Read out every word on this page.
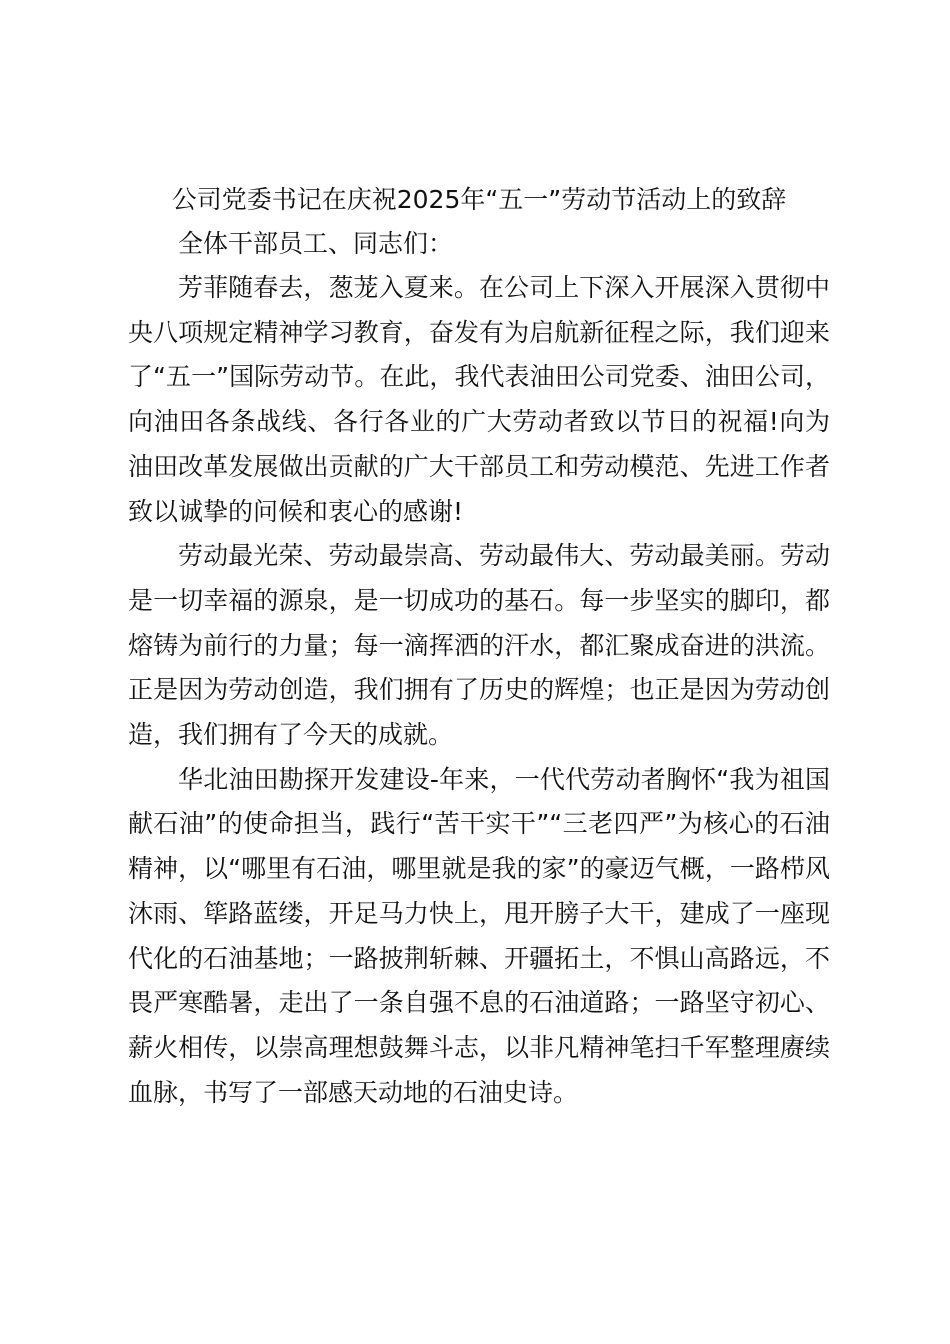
公司党委书记在庆祝2025年“五一”劳动节活动上的致辞

全体干部员工、同志们：

芳菲随春去，葱茏入夏来。在公司上下深入开展深入贯彻中央八项规定精神学习教育，奋发有为启航新征程之际，我们迎来了“五一”国际劳动节。在此，我代表油田公司党委、油田公司，向油田各条战线、各行各业的广大劳动者致以节日的祝福!向为油田改革发展做出贡献的广大干部员工和劳动模范、先进工作者致以诚挚的问候和衷心的感谢!

劳动最光荣、劳动最崇高、劳动最伟大、劳动最美丽。劳动是一切幸福的源泉，是一切成功的基石。每一步坚实的脚印，都熔铸为前行的力量；每一滴挥洒的汗水，都汇聚成奋进的洪流。正是因为劳动创造，我们拥有了历史的辉煌；也正是因为劳动创造，我们拥有了今天的成就。

华北油田勘探开发建设-年来，一代代劳动者胸怀“我为祖国献石油”的使命担当，践行“苦干实干”“三老四严”为核心的石油精神，以“哪里有石油，哪里就是我的家”的豪迈气概，一路栉风沐雨、筚路蓝缕，开足马力快上，甩开膀子大干，建成了一座现代化的石油基地；一路披荆斩棘、开疆拓土，不惧山高路远，不畏严寒酷暑，走出了一条自强不息的石油道路；一路坚守初心、薪火相传，以崇高理想鼓舞斗志，以非凡精神笔扫千军整理赓续血脉，书写了一部感天动地的石油史诗。
